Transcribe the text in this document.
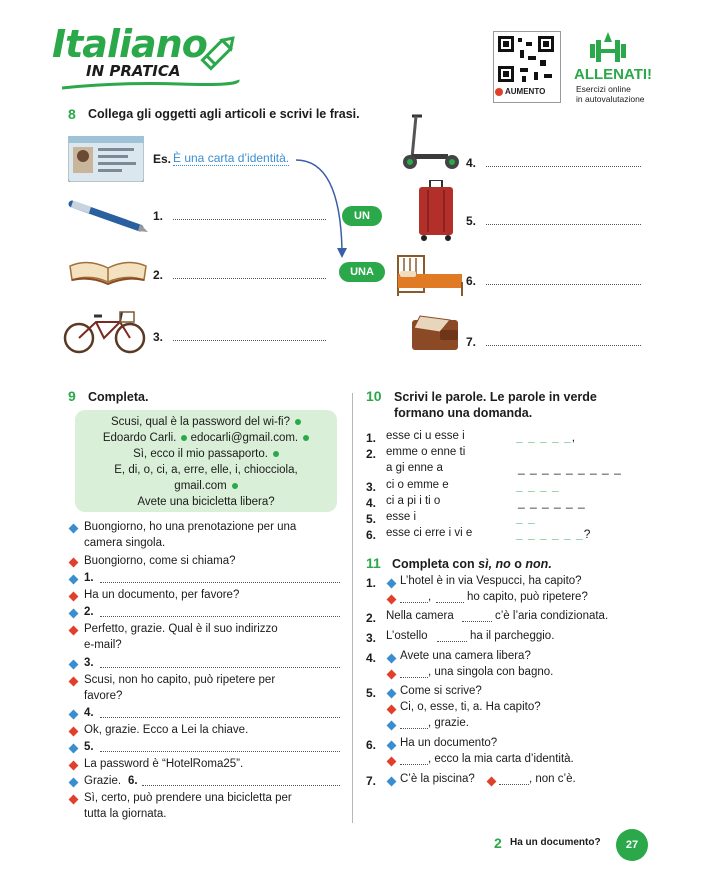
Italiano
IN PRATICA
AUMENTO
ALLENATI!
Esercizi online
in autovalutazione
8 Collega gli oggetti agli articoli e scrivi le frasi.
Es. È una carta d’identità.
1.	UN
UNA
2.
3.
4.
5.
6.
7.
9 Completa.
Scusi, qual è la password del wi-fi?
Edoardo Carli. edocarli@gmail.com.
Sì, ecco il mio passaporto.
E, di, o, ci, a, erre, elle, i, chiocciola,
gmail.com
Avete una bicicletta libera?
Buongiorno, ho una prenotazione per una
camera singola.
Buongiorno, come si chiama?
1.
Ha un documento, per favore?
2.
Perfetto, grazie. Qual è il suo indirizzo
e-mail?
3.
Scusi, non ho capito, può ripetere per
favore?
4.
Ok, grazie. Ecco a Lei la chiave.
5.
La password è “HotelRoma25”.
Grazie. 6.
Sì, certo, può prendere una bicicletta per
tutta la giornata.
10 Scrivi le parole. Le parole in verde
formano una domanda.
1. esse ci u esse i	_ _ _ _ _,
2. emme o enne ti
a gi enne a	_ _ _ _ _ _ _ _ _
3. ci o emme e	_ _ _ _
4. ci a pi i ti o	_ _ _ _ _ _
5. esse i	_ _
6. esse ci erre i vi e	_ _ _ _ _ _?
11 Completa con sì, no o non.
1. L’hotel è in via Vespucci, ha capito?
,	ho capito, può ripetere?
2. Nella camera	c’è l’aria condizionata.
3. L’ostello	ha il parcheggio.
4. Avete una camera libera?
, una singola con bagno.
5. Come si scrive?
Ci, o, esse, ti, a. Ha capito?
, grazie.
6. Ha un documento?
, ecco la mia carta d’identità.
7. C’è la piscina?	, non c’è.
2 Ha un documento?	27
